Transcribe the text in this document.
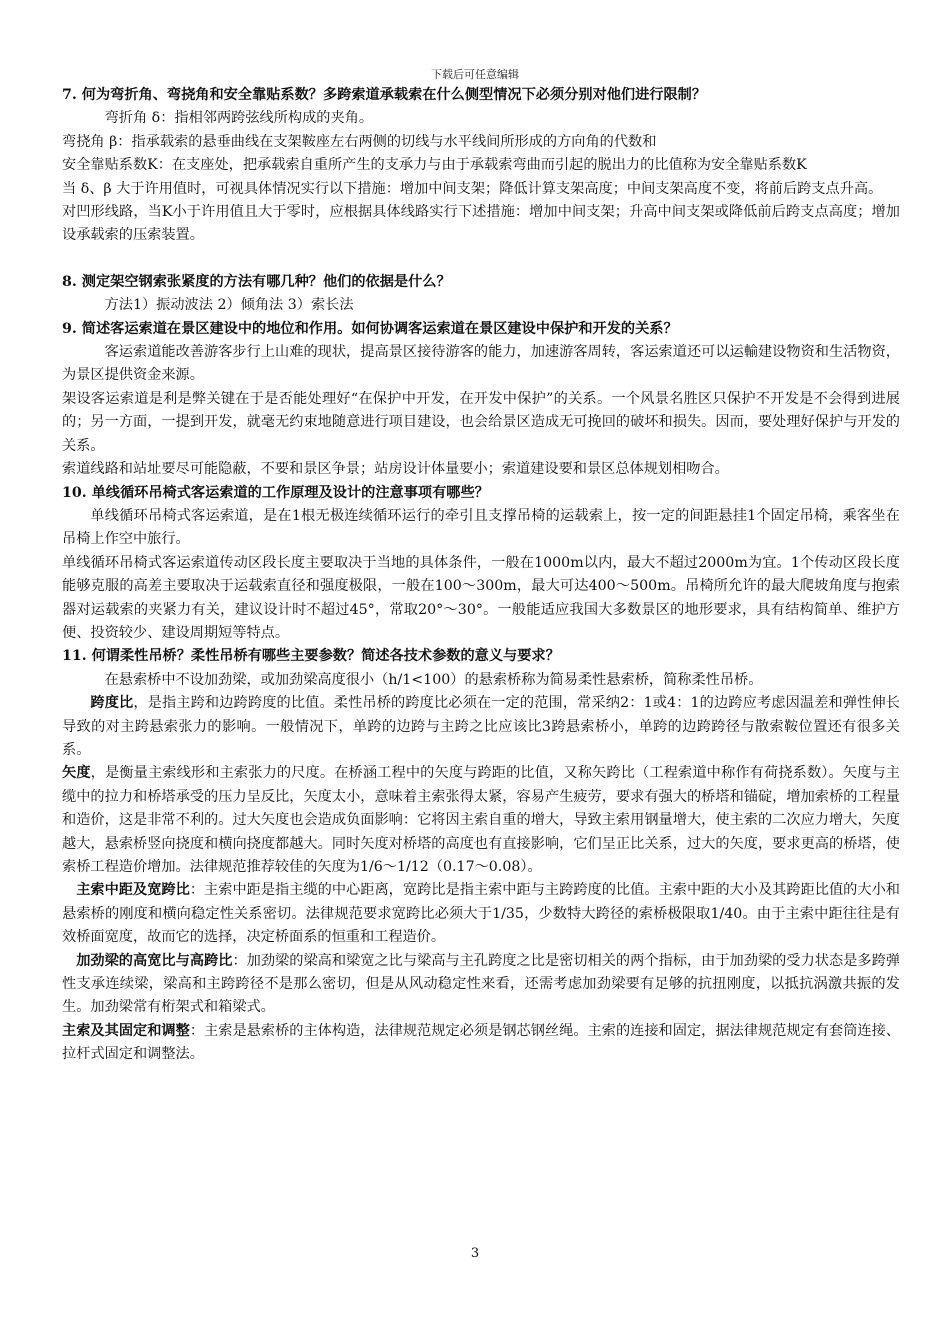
下载后可任意编辑

7. 何为弯折角、弯挠角和安全靠贴系数？多跨索道承载索在什么侧型情况下必须分别对他们进行限制？

弯折角 δ：指相邻两跨弦线所构成的夹角。

弯挠角 β：指承载索的悬垂曲线在支架鞍座左右两侧的切线与水平线间所形成的方向角的代数和

安全靠贴系数K：在支座处，把承载索自重所产生的支承力与由于承载索弯曲而引起的脱出力的比值称为安全靠贴系数K

当 δ、β 大于许用值时，可视具体情况实行以下措施：增加中间支架；降低计算支架高度；中间支架高度不变，将前后跨支点升高。

对凹形线路，当K小于许用值且大于零时，应根据具体线路实行下述措施：增加中间支架；升高中间支架或降低前后跨支点高度；增加设承载索的压索装置。

8. 测定架空钢索张紧度的方法有哪几种？他们的依据是什么？

方法1）振动波法 2）倾角法 3）索长法

9. 简述客运索道在景区建设中的地位和作用。如何协调客运索道在景区建设中保护和开发的关系？

客运索道能改善游客步行上山难的现状，提高景区接待游客的能力，加速游客周转，客运索道还可以运輸建设物资和生活物资，为景区提供资金来源。

架设客运索道是利是弊关键在于是否能处理好“在保护中开发，在开发中保护”的关系。一个风景名胜区只保护不开发是不会得到进展的；另一方面，一提到开发，就毫无约束地随意进行项目建设，也会给景区造成无可挽回的破坏和损失。因而，要处理好保护与开发的关系。

索道线路和站址要尽可能隐蔽，不要和景区争景；站房设计体量要小；索道建设要和景区总体规划相吻合。

10. 单线循环吊椅式客运索道的工作原理及设计的注意事项有哪些？

单线循环吊椅式客运索道，是在1根无极连续循环运行的牵引且支撑吊椅的运载索上，按一定的间距悬挂1个固定吊椅，乘客坐在吊椅上作空中旅行。

单线循环吊椅式客运索道传动区段长度主要取决于当地的具体条件，一般在1000m以内，最大不超过2000m为宜。1个传动区段长度能够克服的高差主要取决于运载索直径和强度极限，一般在100～300m，最大可达400～500m。吊椅所允许的最大爬坡角度与抱索器对运载索的夹紧力有关，建议设计时不超过45°，常取20°～30°。一般能适应我国大多数景区的地形要求，具有结构简单、维护方便、投资较少、建设周期短等特点。

11. 何谓柔性吊桥？柔性吊桥有哪些主要参数？简述各技术参数的意义与要求？

在悬索桥中不设加劲梁，或加劲梁高度很小（h/1<100）的悬索桥称为简易柔性悬索桥，简称柔性吊桥。

跨度比，是指主跨和边跨跨度的比值。柔性吊桥的跨度比必须在一定的范围，常采纳2：1或4：1的边跨应考虑因温差和弹性伸长导致的对主跨悬索张力的影响。一般情况下，单跨的边跨与主跨之比应该比3跨悬索桥小，单跨的边跨跨径与散索鞍位置还有很多关系。

矢度，是衡量主索线形和主索张力的尺度。在桥涵工程中的矢度与跨距的比值，又称矢跨比（工程索道中称作有荷挠系数）。矢度与主缆中的拉力和桥塔承受的压力呈反比，矢度太小，意味着主索张得太紧，容易产生疲劳，要求有强大的桥塔和锚碇，增加索桥的工程量和造价，这是非常不利的。过大矢度也会造成负面影响：它将因主索自重的增大，导致主索用钢量增大，使主索的二次应力增大，矢度越大，悬索桥竖向挠度和横向挠度都越大。同时矢度对桥塔的高度也有直接影响，它们呈正比关系，过大的矢度，要求更高的桥塔，使索桥工程造价增加。法律规范推荐较佳的矢度为1/6～1/12（0.17～0.08）。

主索中距及宽跨比：主索中距是指主缆的中心距离，宽跨比是指主索中距与主跨跨度的比值。主索中距的大小及其跨距比值的大小和悬索桥的刚度和横向稳定性关系密切。法律规范要求宽跨比必须大于1/35，少数特大跨径的索桥极限取1/40。由于主索中距往往是有效桥面宽度，故而它的选择，决定桥面系的恒重和工程造价。

加劲梁的高宽比与高跨比：加劲梁的梁高和梁宽之比与梁高与主孔跨度之比是密切相关的两个指标，由于加劲梁的受力状态是多跨弹性支承连续梁，梁高和主跨跨径不是那么密切，但是从风动稳定性来看，还需考虑加劲梁要有足够的抗扭刚度，以抵抗涡激共振的发生。加劲梁常有桁架式和箱梁式。

主索及其固定和调整：主索是悬索桥的主体构造，法律规范规定必须是钢芯钢丝绳。主索的连接和固定，据法律规范规定有套筒连接、拉杆式固定和调整法。

3
